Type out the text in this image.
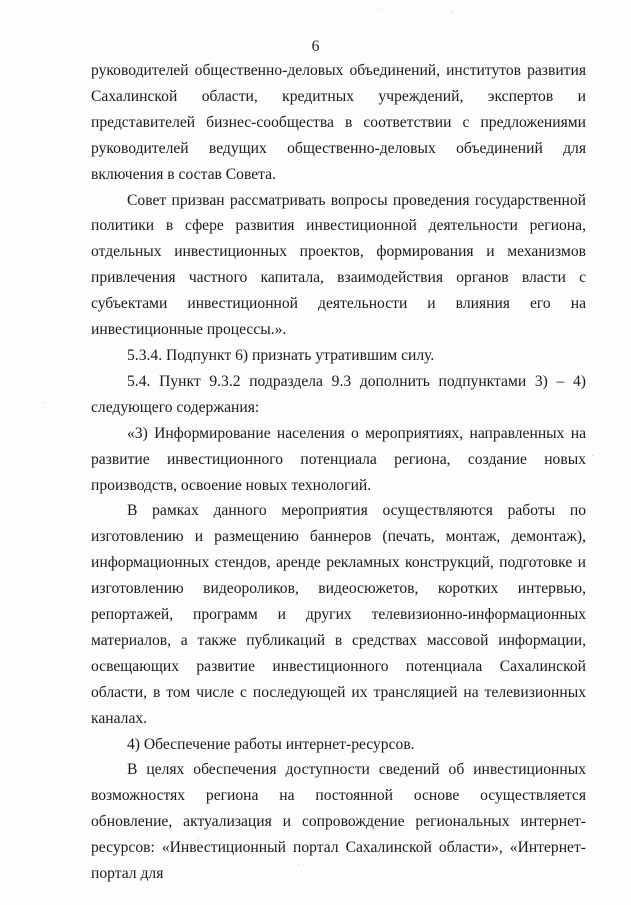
6

руководителей общественно-деловых объединений, институтов развития Сахалинской области, кредитных учреждений, экспертов и представителей бизнес-сообщества в соответствии с предложениями руководителей ведущих общественно-деловых объединений для включения в состав Совета.

Совет призван рассматривать вопросы проведения государственной политики в сфере развития инвестиционной деятельности региона, отдельных инвестиционных проектов, формирования и механизмов привлечения частного капитала, взаимодействия органов власти с субъектами инвестиционной деятельности и влияния его на инвестиционные процессы.».

5.3.4. Подпункт 6) признать утратившим силу.

5.4. Пункт 9.3.2 подраздела 9.3 дополнить подпунктами 3) – 4) следующего содержания:

«3) Информирование населения о мероприятиях, направленных на развитие инвестиционного потенциала региона, создание новых производств, освоение новых технологий.

В рамках данного мероприятия осуществляются работы по изготовлению и размещению баннеров (печать, монтаж, демонтаж), информационных стендов, аренде рекламных конструкций, подготовке и изготовлению видеороликов, видеосюжетов, коротких интервью, репортажей, программ и других телевизионно-информационных материалов, а также публикаций в средствах массовой информации, освещающих развитие инвестиционного потенциала Сахалинской области, в том числе с последующей их трансляцией на телевизионных каналах.

4) Обеспечение работы интернет-ресурсов.

В целях обеспечения доступности сведений об инвестиционных возможностях региона на постоянной основе осуществляется обновление, актуализация и сопровождение региональных интернет-ресурсов: «Инвестиционный портал Сахалинской области», «Интернет-портал для
